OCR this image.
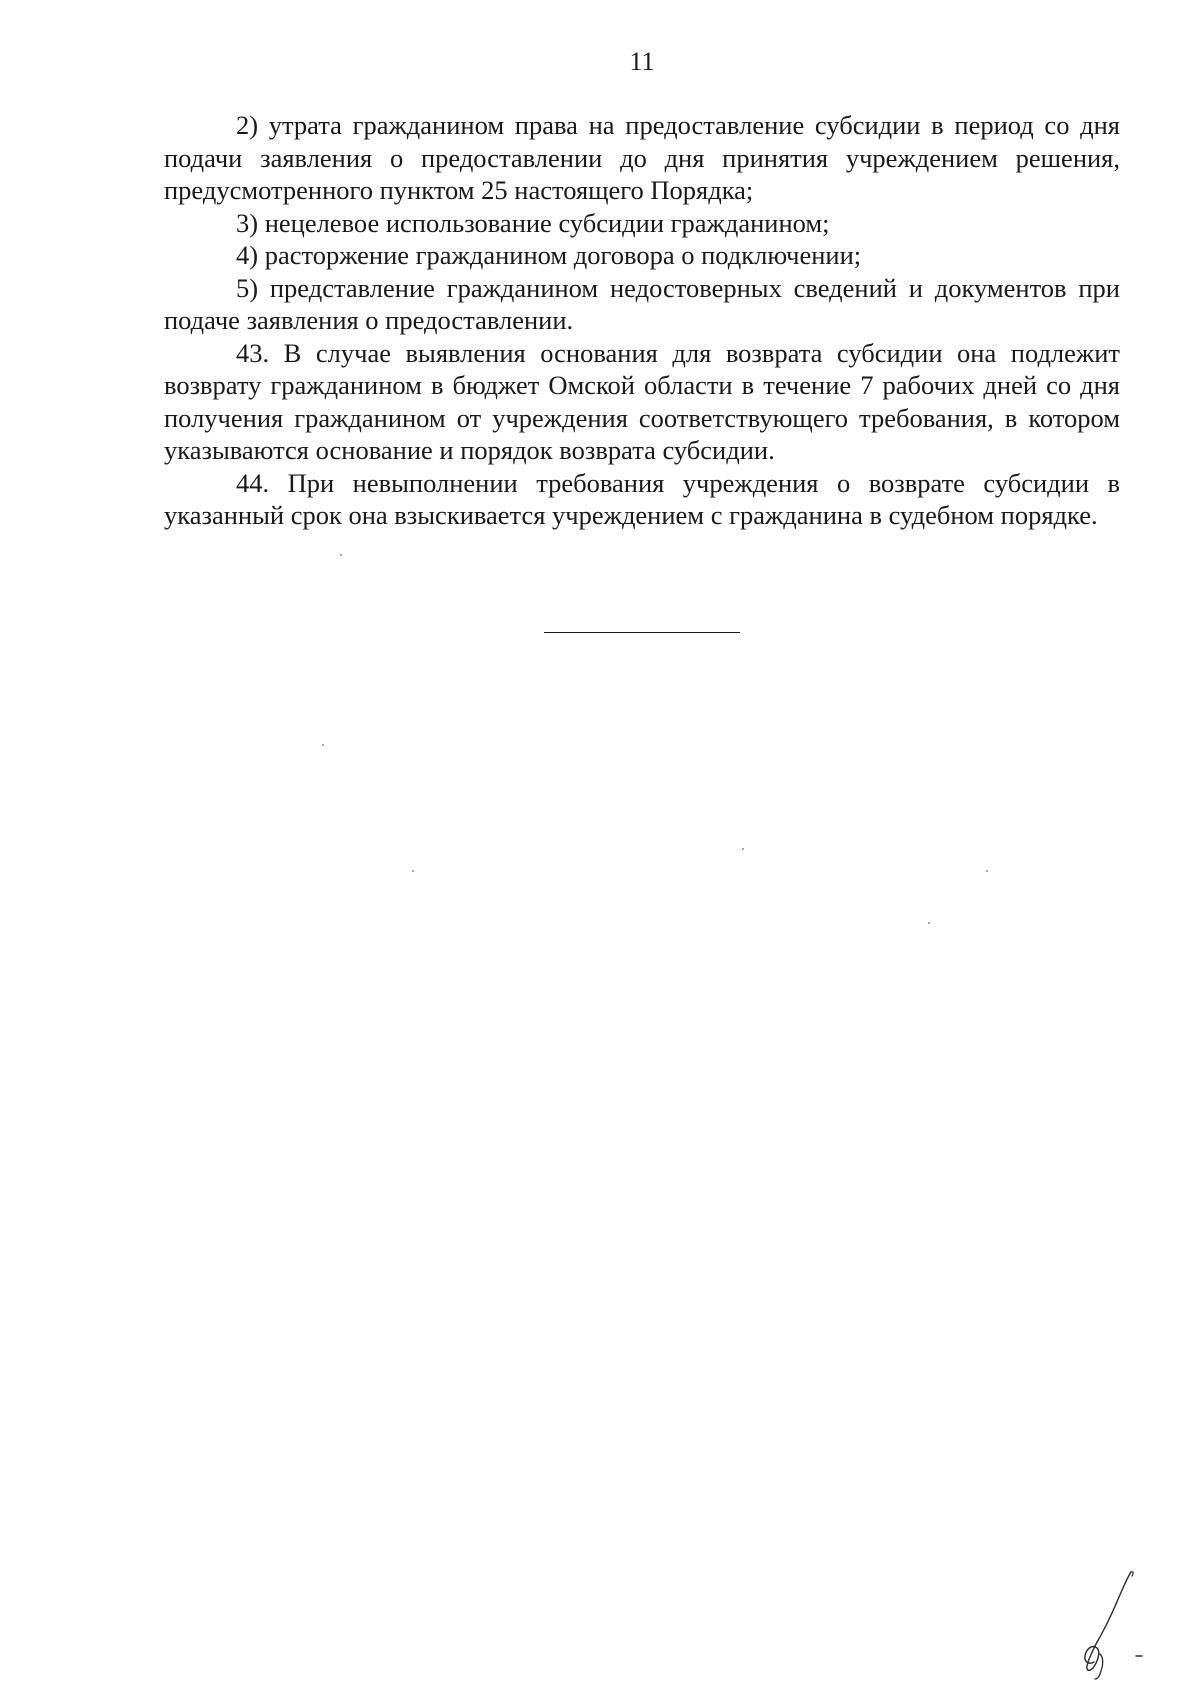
11

2) утрата гражданином права на предоставление субсидии в период со дня подачи заявления о предоставлении до дня принятия учреждением решения, предусмотренного пунктом 25 настоящего Порядка;

3) нецелевое использование субсидии гражданином;

4) расторжение гражданином договора о подключении;

5) представление гражданином недостоверных сведений и документов при подаче заявления о предоставлении.

43. В случае выявления основания для возврата субсидии она подлежит возврату гражданином в бюджет Омской области в течение 7 рабочих дней со дня получения гражданином от учреждения соответствующего требования, в котором указываются основание и порядок возврата субсидии.

44. При невыполнении требования учреждения о возврате субсидии в указанный срок она взыскивается учреждением с гражданина в судебном порядке.
